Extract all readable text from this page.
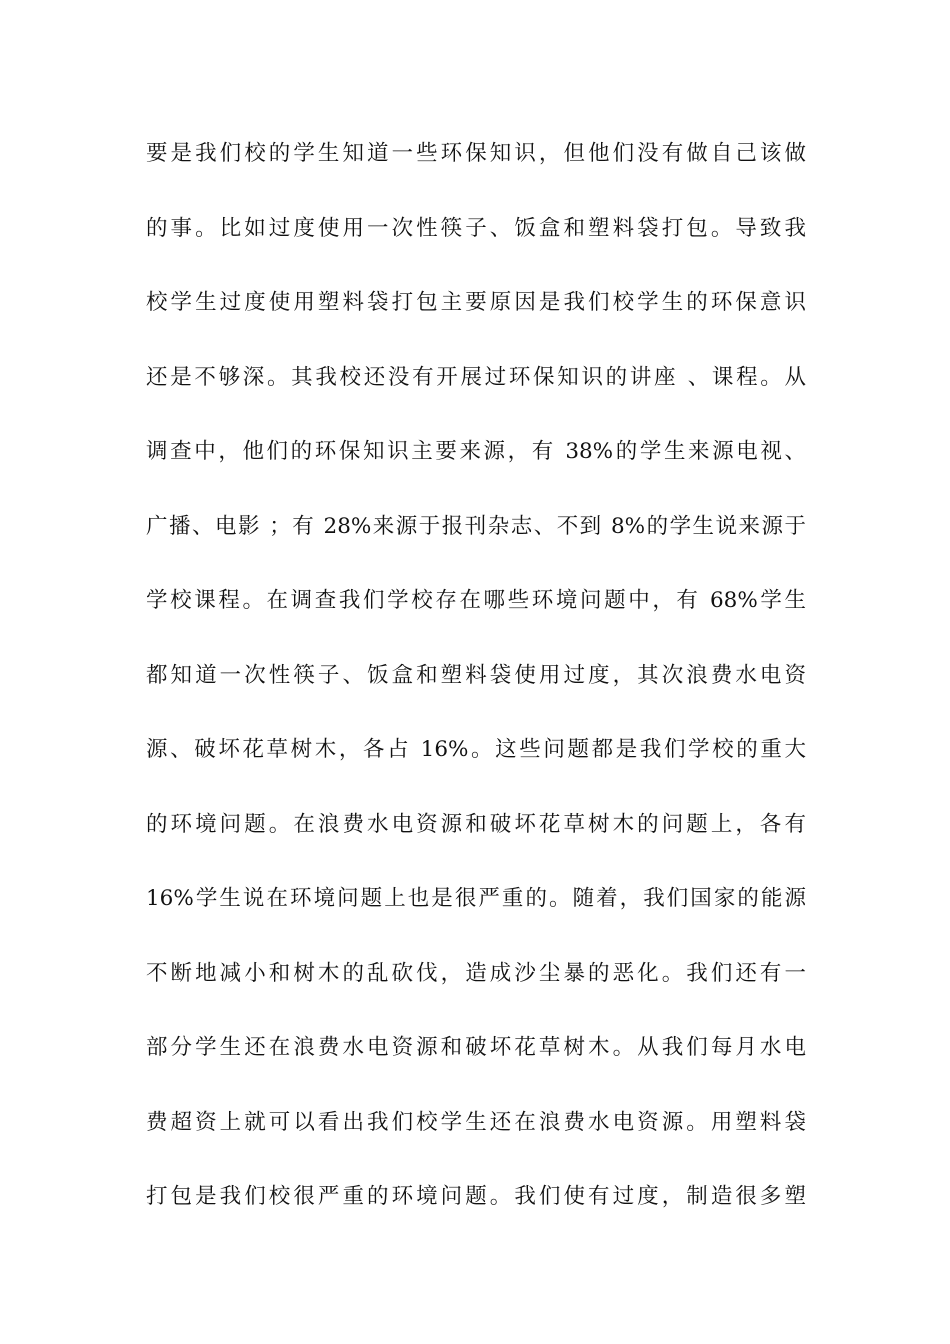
要是我们校的学生知道一些环保知识，但他们没有做自己该做
的事。比如过度使用一次性筷子、饭盒和塑料袋打包。导致我
校学生过度使用塑料袋打包主要原因是我们校学生的环保意识
还是不够深。其我校还没有开展过环保知识的讲座 、课程。从
调查中，他们的环保知识主要来源，有 38%的学生来源电视、
广播、电影 ；有 28%来源于报刊杂志、不到 8%的学生说来源于
学校课程。在调查我们学校存在哪些环境问题中，有 68%学生
都知道一次性筷子、饭盒和塑料袋使用过度，其次浪费水电资
源、破坏花草树木，各占 16%。这些问题都是我们学校的重大
的环境问题。在浪费水电资源和破坏花草树木的问题上，各有
16%学生说在环境问题上也是很严重的。随着，我们国家的能源
不断地减小和树木的乱砍伐，造成沙尘暴的恶化。我们还有一
部分学生还在浪费水电资源和破坏花草树木。从我们每月水电
费超资上就可以看出我们校学生还在浪费水电资源。用塑料袋
打包是我们校很严重的环境问题。我们使有过度，制造很多塑
